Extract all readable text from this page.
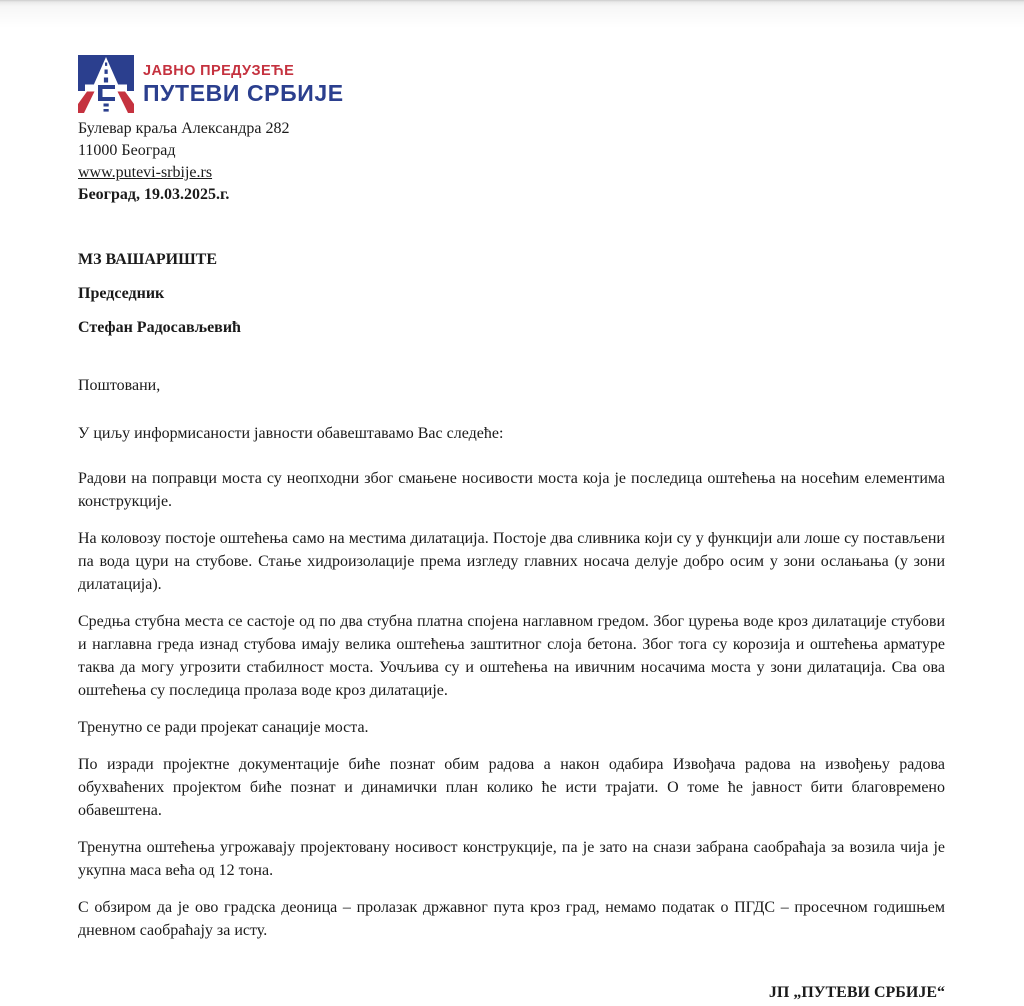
ЈАВНО ПРЕДУЗЕЋЕ
ПУТЕВИ СРБИЈЕ
Булевар краља Александра 282
11000 Београд
www.putevi-srbije.rs
Београд, 19.03.2025.г.
МЗ ВАШАРИШТЕ
Председник
Стефан Радосављевић

Поштовани,

У циљу информисаности јавности обавештавамо Вас следеће:

Радови на поправци моста су неопходни због смањене носивости моста која је последица оштећења на носећим елементима конструкције.

На коловозу постоје оштећења само на местима дилатација. Постоје два сливника који су у функцији али лоше су постављени па вода цури на стубове. Стање хидроизолације према изгледу главних носача делује добро осим у зони ослањања (у зони дилатација).

Средња стубна места се састоје од по два стубна платна спојена наглавном гредом. Због цурења воде кроз дилатације стубови и наглавна греда изнад стубова имају велика оштећења заштитног слоја бетона. Због тога су корозија и оштећења арматуре таква да могу угрозити стабилност моста. Уочљива су и оштећења на ивичним носачима моста у зони дилатација. Сва ова оштећења су последица пролаза воде кроз дилатације.

Тренутно се ради пројекат санације моста.

По изради пројектне документације биће познат обим радова а након одабира Извођача радова на извођењу радова обухваћених пројектом биће познат и динамички план колико ће исти трајати. О томе ће јавност бити благовремено обавештена.

Тренутна оштећења угрожавају пројектовану носивост конструкције, па је зато на снази забрана саобраћаја за возила чија је укупна маса већа од 12 тона.

С обзиром да је ово градска деоница – пролазак државног пута кроз град, немамо податак о ПГДС – просечном годишњем дневном саобраћају за исту.

ЈП „ПУТЕВИ СРБИЈЕ“
